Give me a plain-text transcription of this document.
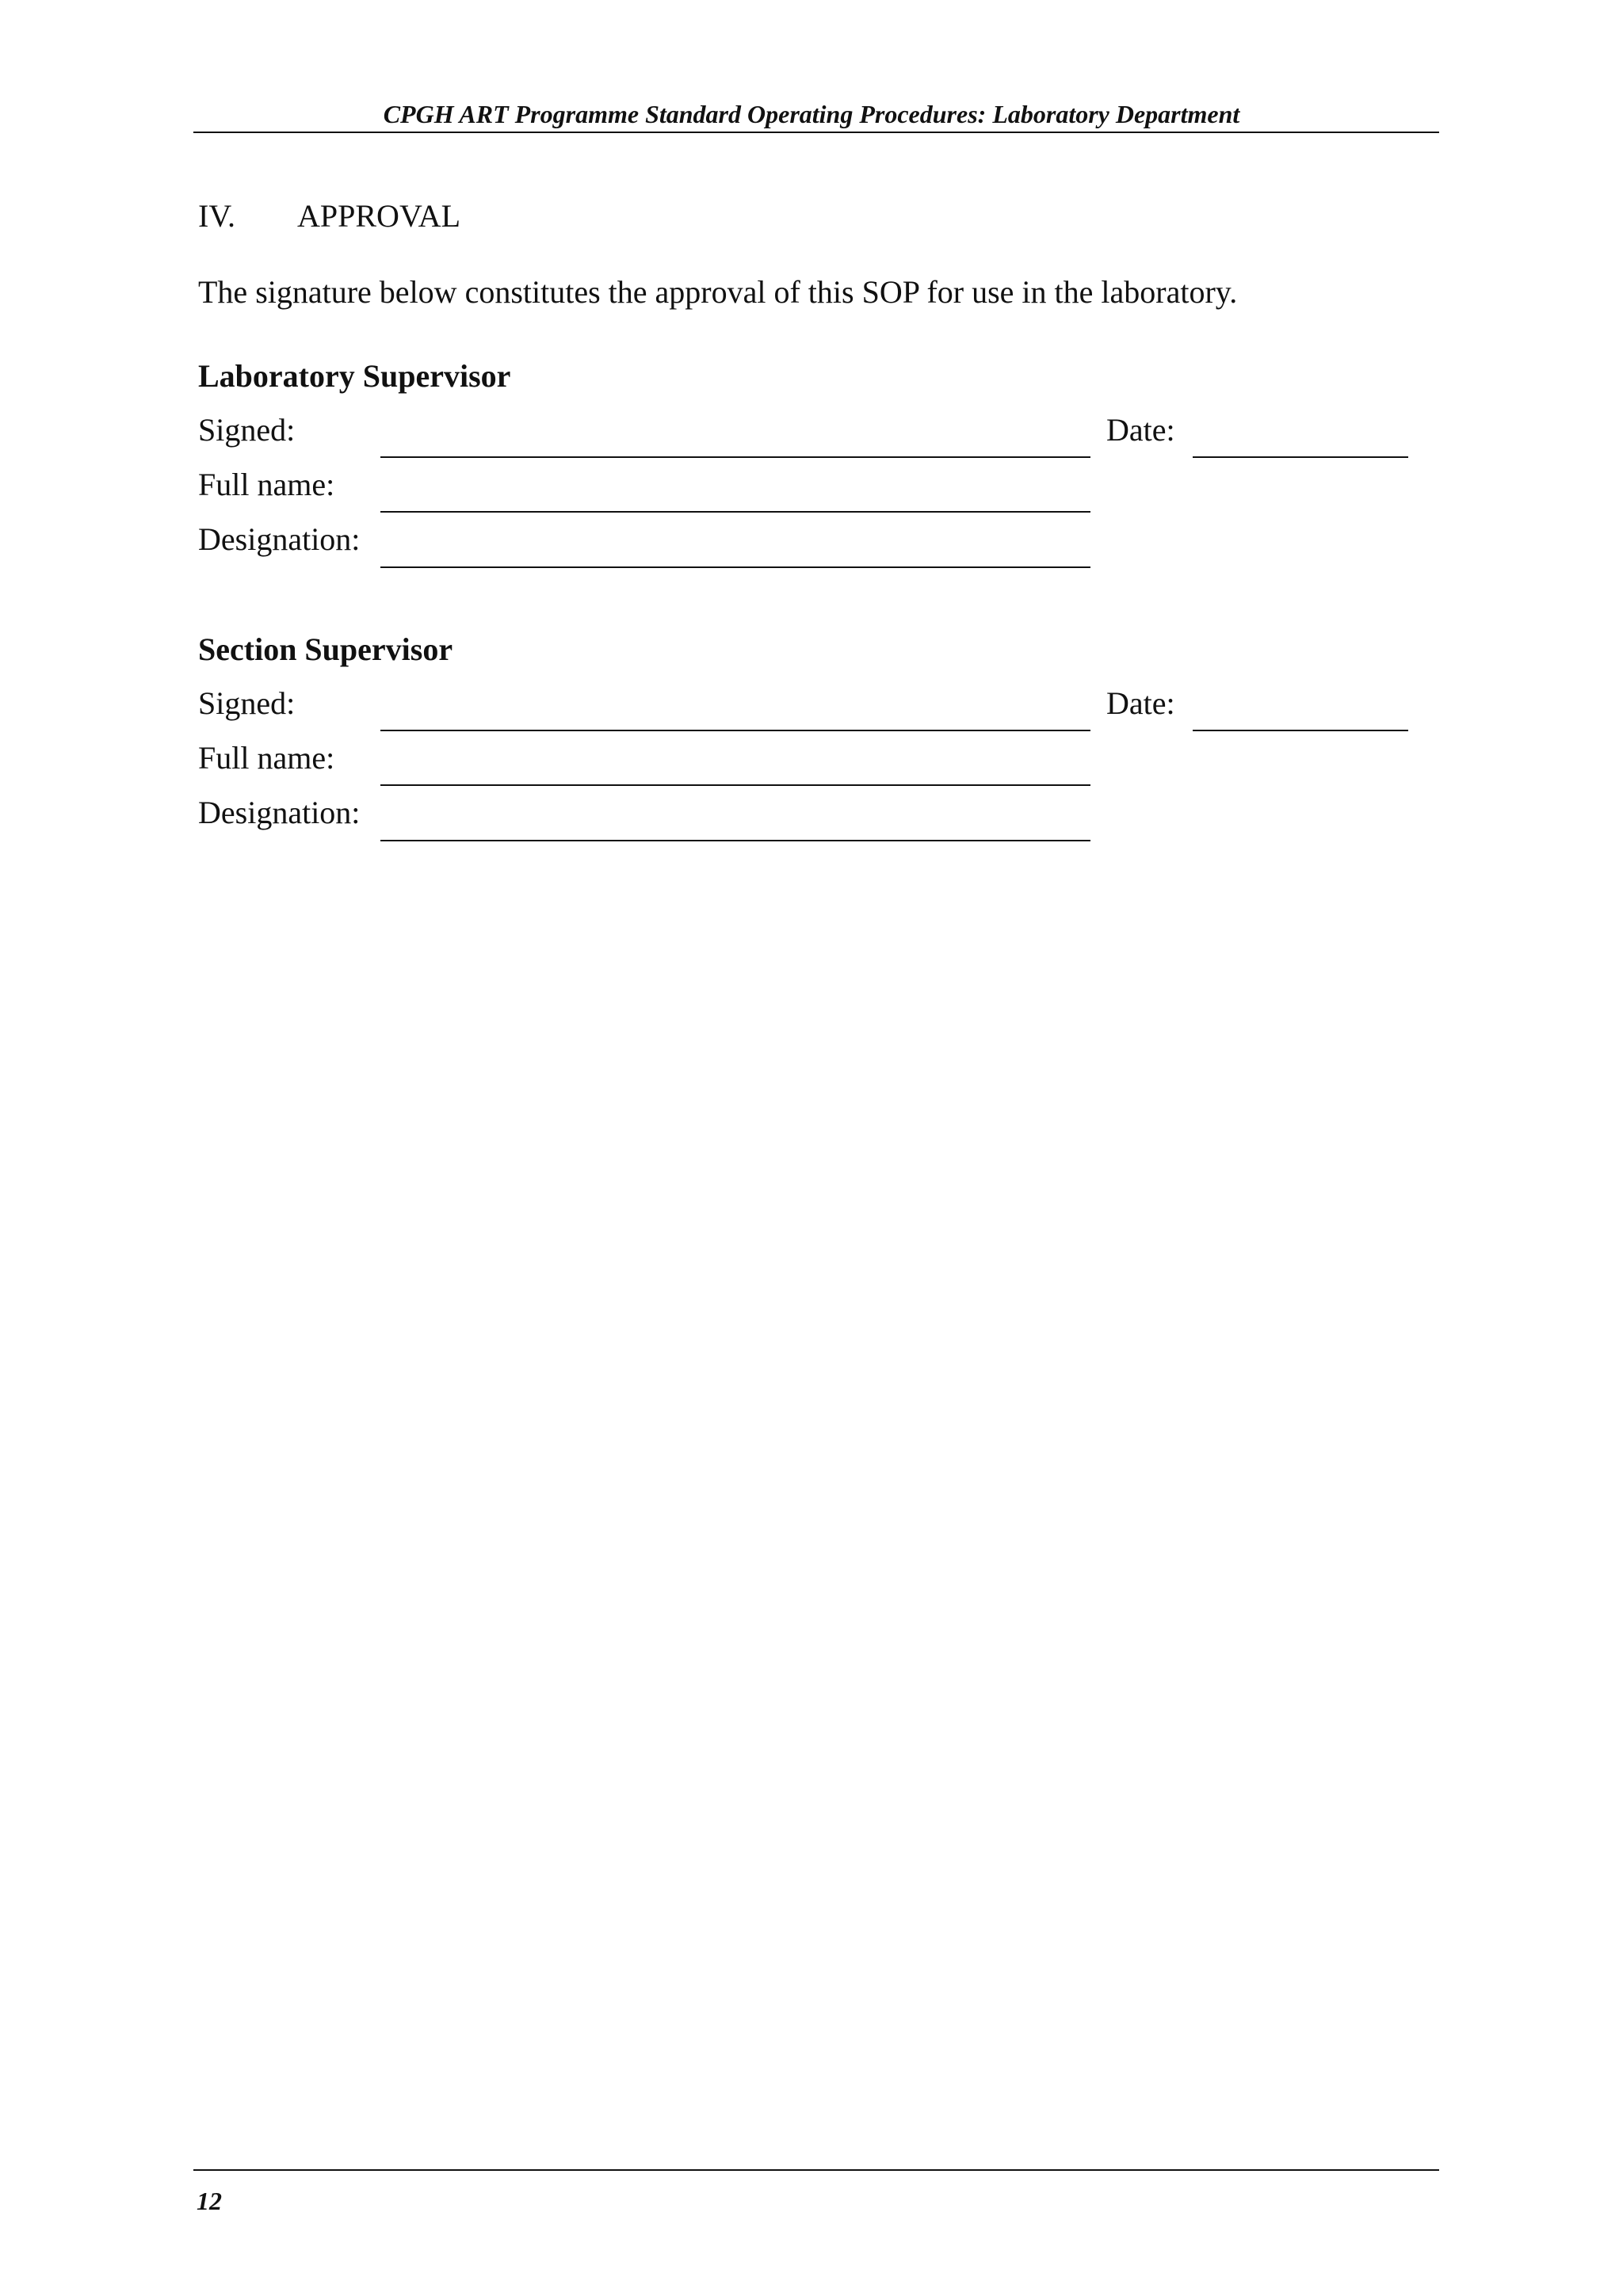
CPGH ART Programme Standard Operating Procedures: Laboratory Department
IV. APPROVAL
The signature below constitutes the approval of this SOP for use in the laboratory.
Laboratory Supervisor
Signed:	Date:
Full name:
Designation:
Section Supervisor
Signed:	Date:
Full name:
Designation:
12
